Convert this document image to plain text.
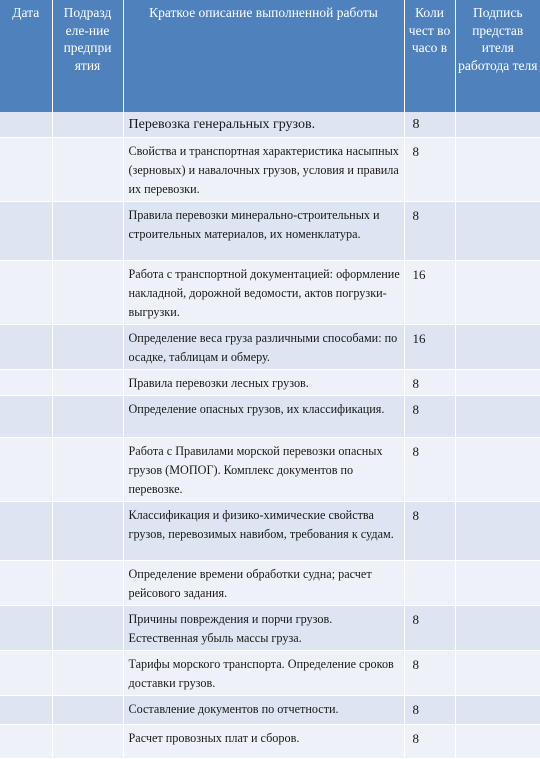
Дата	Подразд еле-ние предпри ятия	Краткое описание выполненной работы	Коли чест во часо в	Подпись представ ителя работода теля
		Перевозка генеральных грузов.	8	
		Свойства и транспортная характеристика насыпных (зерновых) и навалочных грузов, условия и правила их перевозки.	8	
		Правила перевозки минерально-строительных и строительных материалов, их номенклатура.	8	
		Работа с транспортной документацией: оформление накладной, дорожной ведомости, актов погрузки-выгрузки.	16	
		Определение веса груза различными способами: по осадке, таблицам и обмеру.	16	
		Правила перевозки лесных грузов.	8	
		Определение опасных грузов, их классификация.	8	
		Работа с Правилами морской перевозки опасных грузов (МОПОГ). Комплекс документов по перевозке.	8	
		Классификация и физико-химические свойства грузов, перевозимых навибом, требования к судам.	8	
		Определение времени обработки судна; расчет рейсового задания.		
		Причины повреждения и порчи грузов. Естественная убыль массы груза.	8	
		Тарифы морского транспорта. Определение сроков доставки грузов.	8	
		Составление документов по отчетности.	8	
		Расчет провозных плат и сборов.	8	
